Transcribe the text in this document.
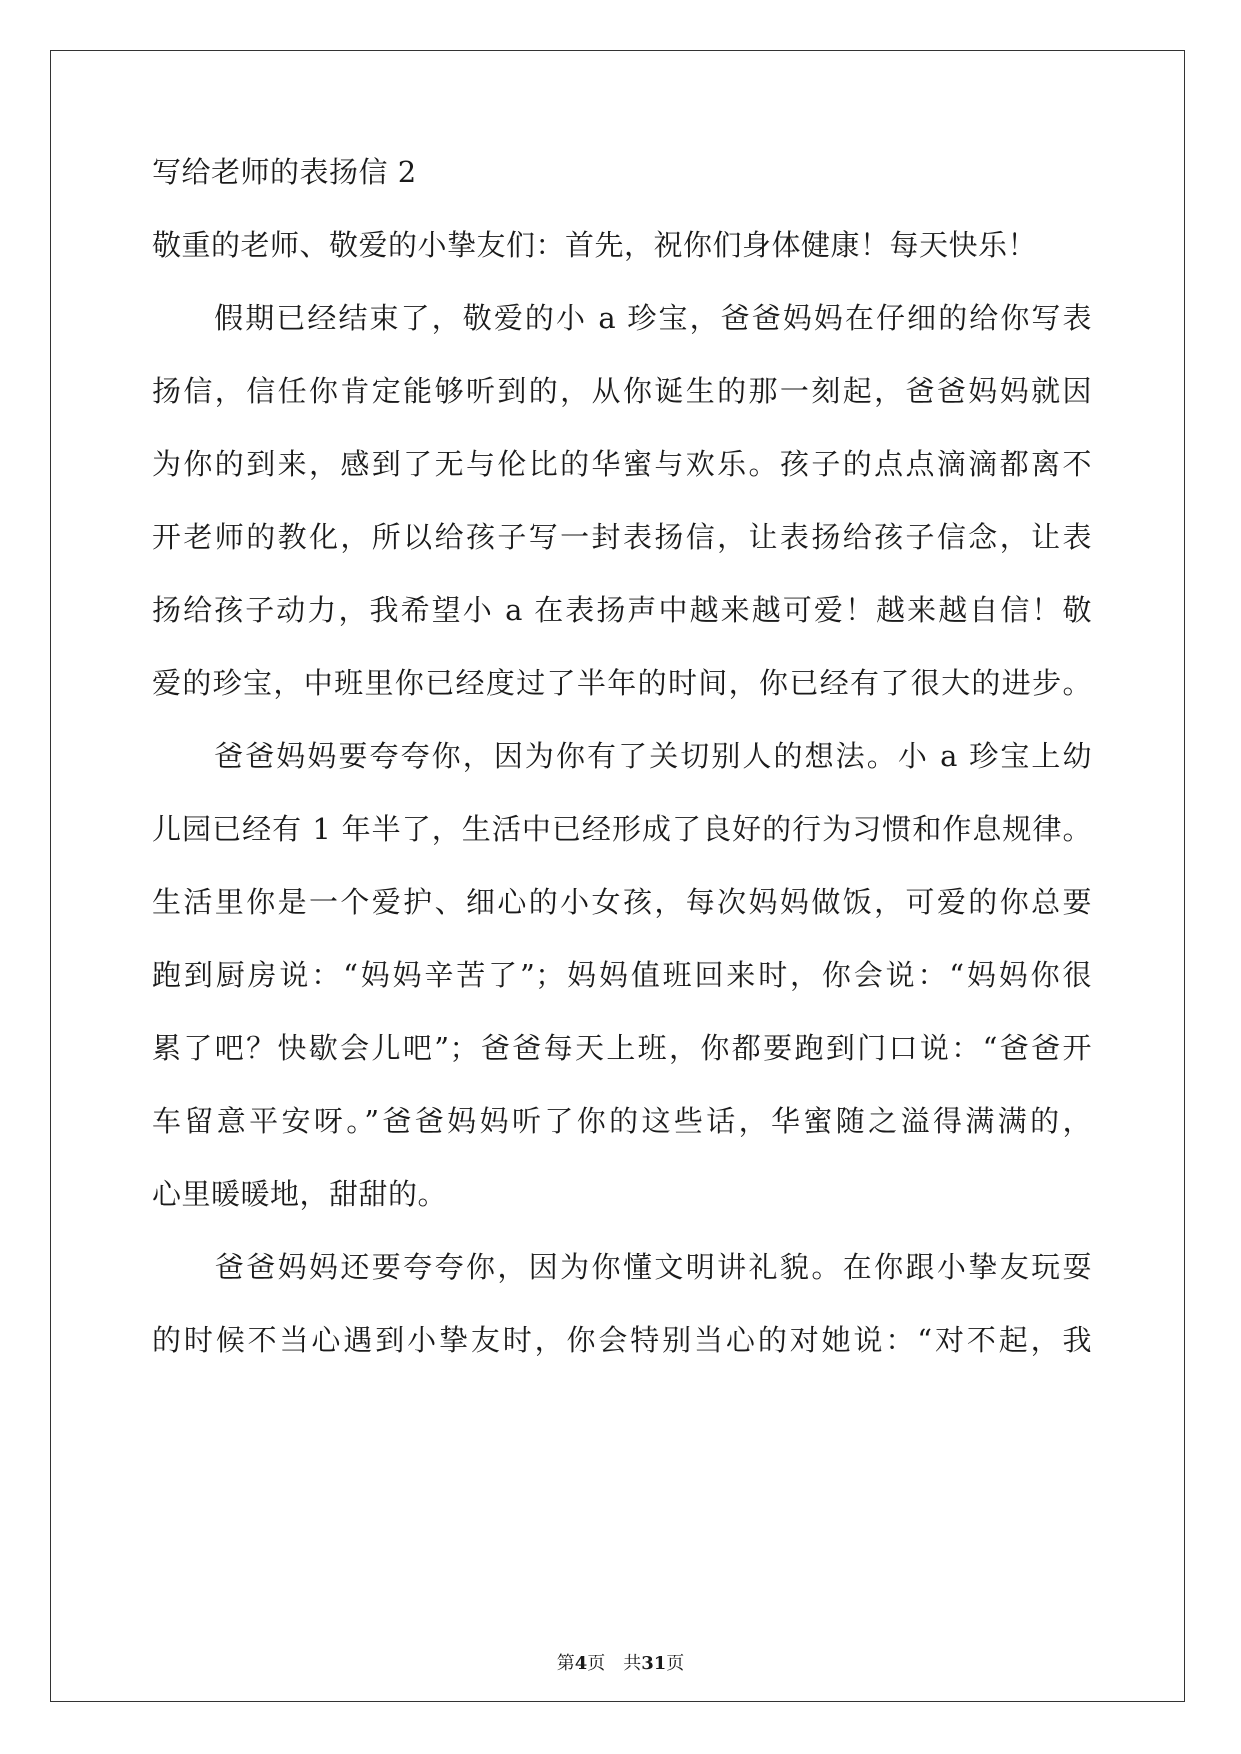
写给老师的表扬信 2
敬重的老师、敬爱的小挚友们：首先，祝你们身体健康！每天快乐！
　　假期已经结束了，敬爱的小 a 珍宝，爸爸妈妈在仔细的给你写表
扬信，信任你肯定能够听到的，从你诞生的那一刻起，爸爸妈妈就因
为你的到来，感到了无与伦比的华蜜与欢乐。孩子的点点滴滴都离不
开老师的教化，所以给孩子写一封表扬信，让表扬给孩子信念，让表
扬给孩子动力，我希望小 a 在表扬声中越来越可爱！越来越自信！敬
爱的珍宝，中班里你已经度过了半年的时间，你已经有了很大的进步。
　　爸爸妈妈要夸夸你，因为你有了关切别人的想法。小 a 珍宝上幼
儿园已经有 1 年半了，生活中已经形成了良好的行为习惯和作息规律。
生活里你是一个爱护、细心的小女孩，每次妈妈做饭，可爱的你总要
跑到厨房说：“妈妈辛苦了”；妈妈值班回来时，你会说：“妈妈你很
累了吧？快歇会儿吧”；爸爸每天上班，你都要跑到门口说：“爸爸开
车留意平安呀。”爸爸妈妈听了你的这些话，华蜜随之溢得满满的，
心里暖暖地，甜甜的。
　　爸爸妈妈还要夸夸你，因为你懂文明讲礼貌。在你跟小挚友玩耍
的时候不当心遇到小挚友时，你会特别当心的对她说：“对不起，我
第4页 共31页
